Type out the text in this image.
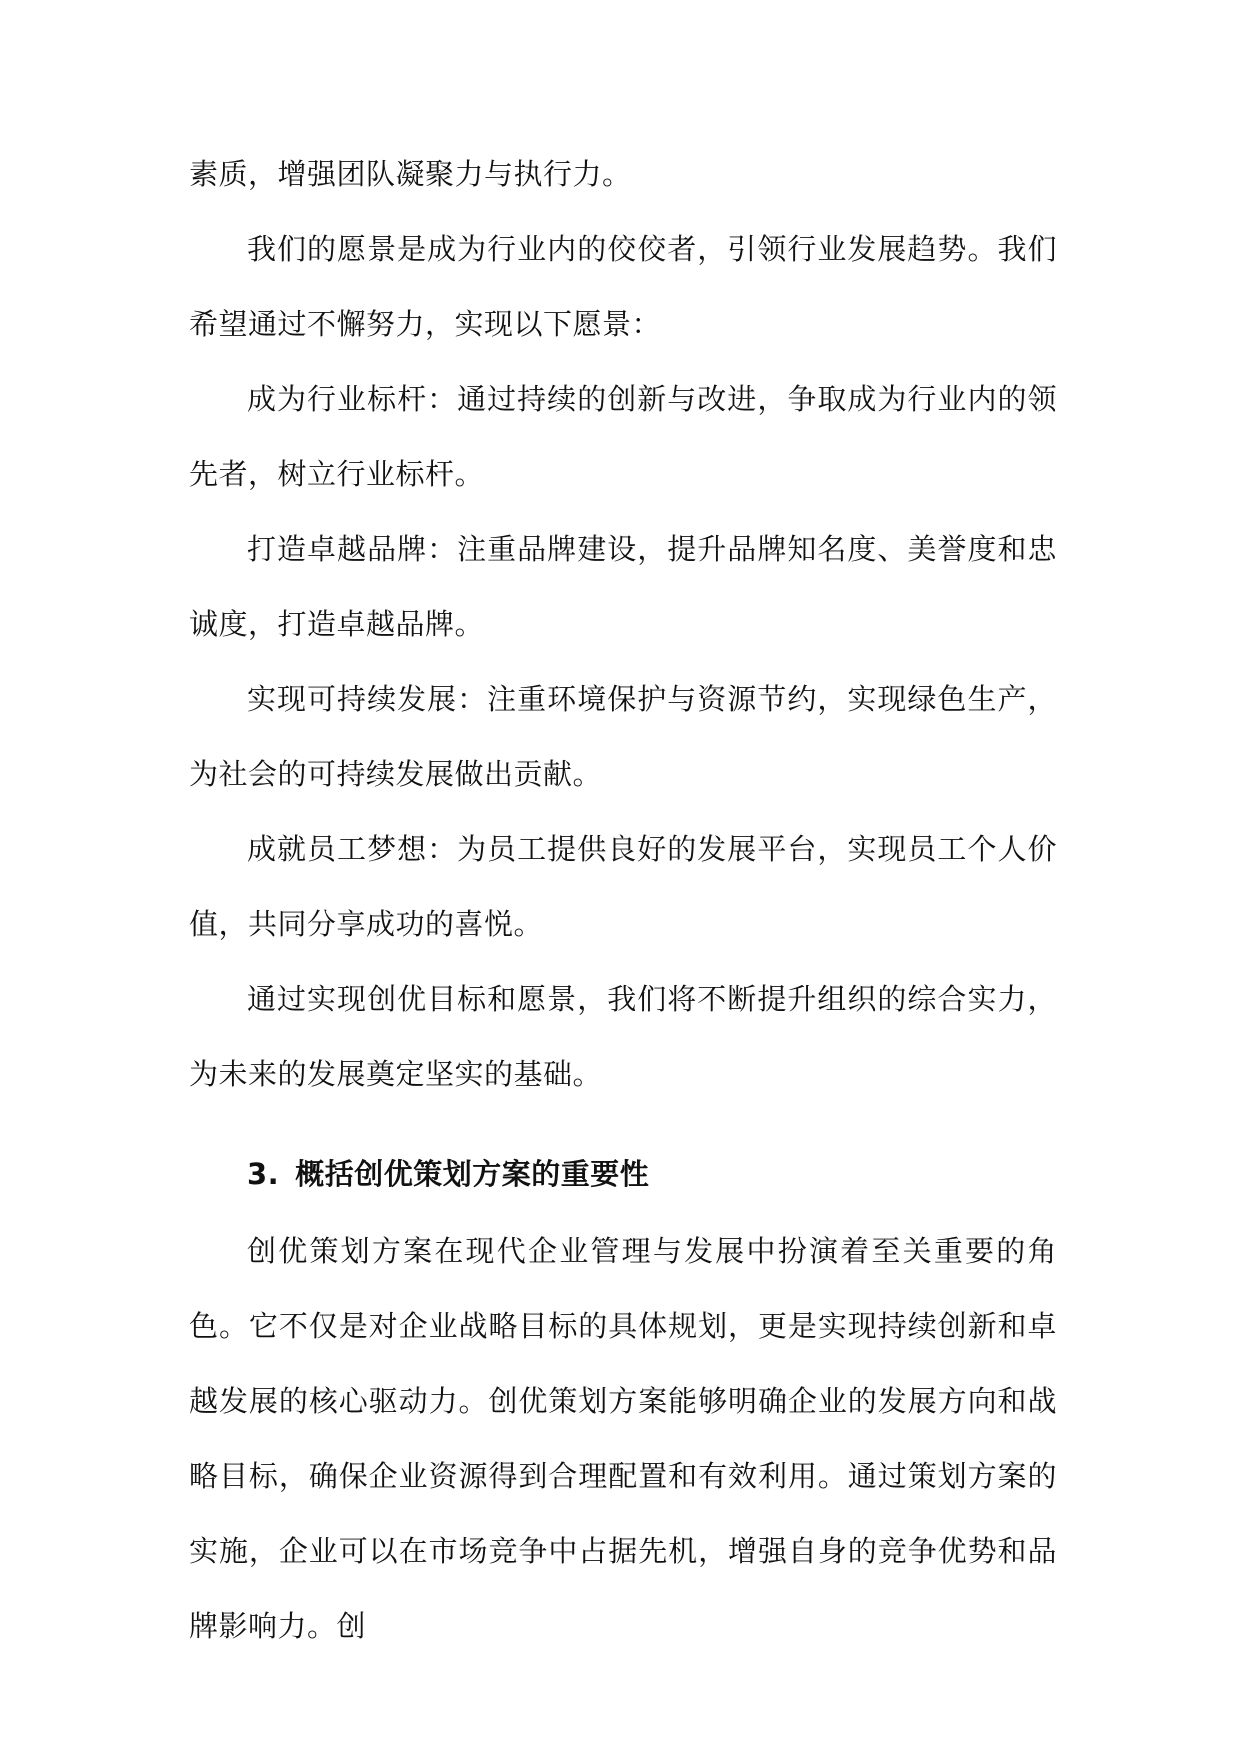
素质，增强团队凝聚力与执行力。

我们的愿景是成为行业内的佼佼者，引领行业发展趋势。我们希望通过不懈努力，实现以下愿景：

成为行业标杆：通过持续的创新与改进，争取成为行业内的领先者，树立行业标杆。

打造卓越品牌：注重品牌建设，提升品牌知名度、美誉度和忠诚度，打造卓越品牌。

实现可持续发展：注重环境保护与资源节约，实现绿色生产，为社会的可持续发展做出贡献。

成就员工梦想：为员工提供良好的发展平台，实现员工个人价值，共同分享成功的喜悦。

通过实现创优目标和愿景，我们将不断提升组织的综合实力，为未来的发展奠定坚实的基础。

3. 概括创优策划方案的重要性

创优策划方案在现代企业管理与发展中扮演着至关重要的角色。它不仅是对企业战略目标的具体规划，更是实现持续创新和卓越发展的核心驱动力。创优策划方案能够明确企业的发展方向和战略目标，确保企业资源得到合理配置和有效利用。通过策划方案的实施，企业可以在市场竞争中占据先机，增强自身的竞争优势和品牌影响力。创
